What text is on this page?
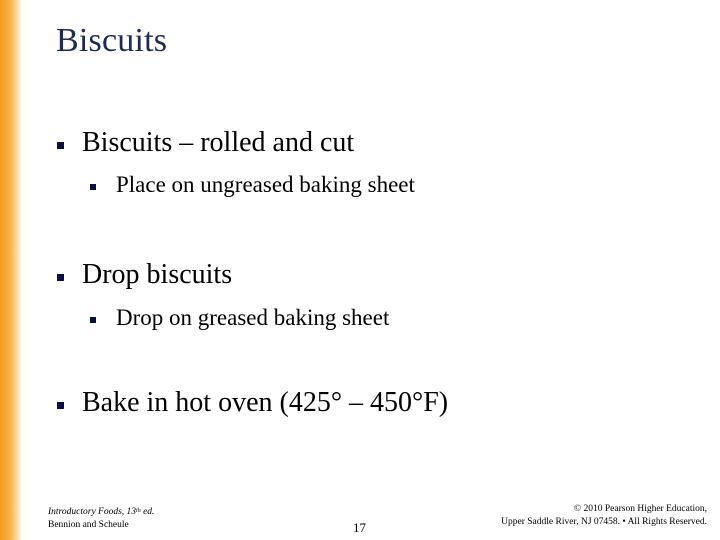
Biscuits
Biscuits – rolled and cut
Place on ungreased baking sheet
Drop biscuits
Drop on greased baking sheet
Bake in hot oven (425° – 450°F)
Introductory Foods, 13th ed.
Bennion and Scheule	17
© 2010 Pearson Higher Education,
Upper Saddle River, NJ 07458. • All Rights Reserved.
